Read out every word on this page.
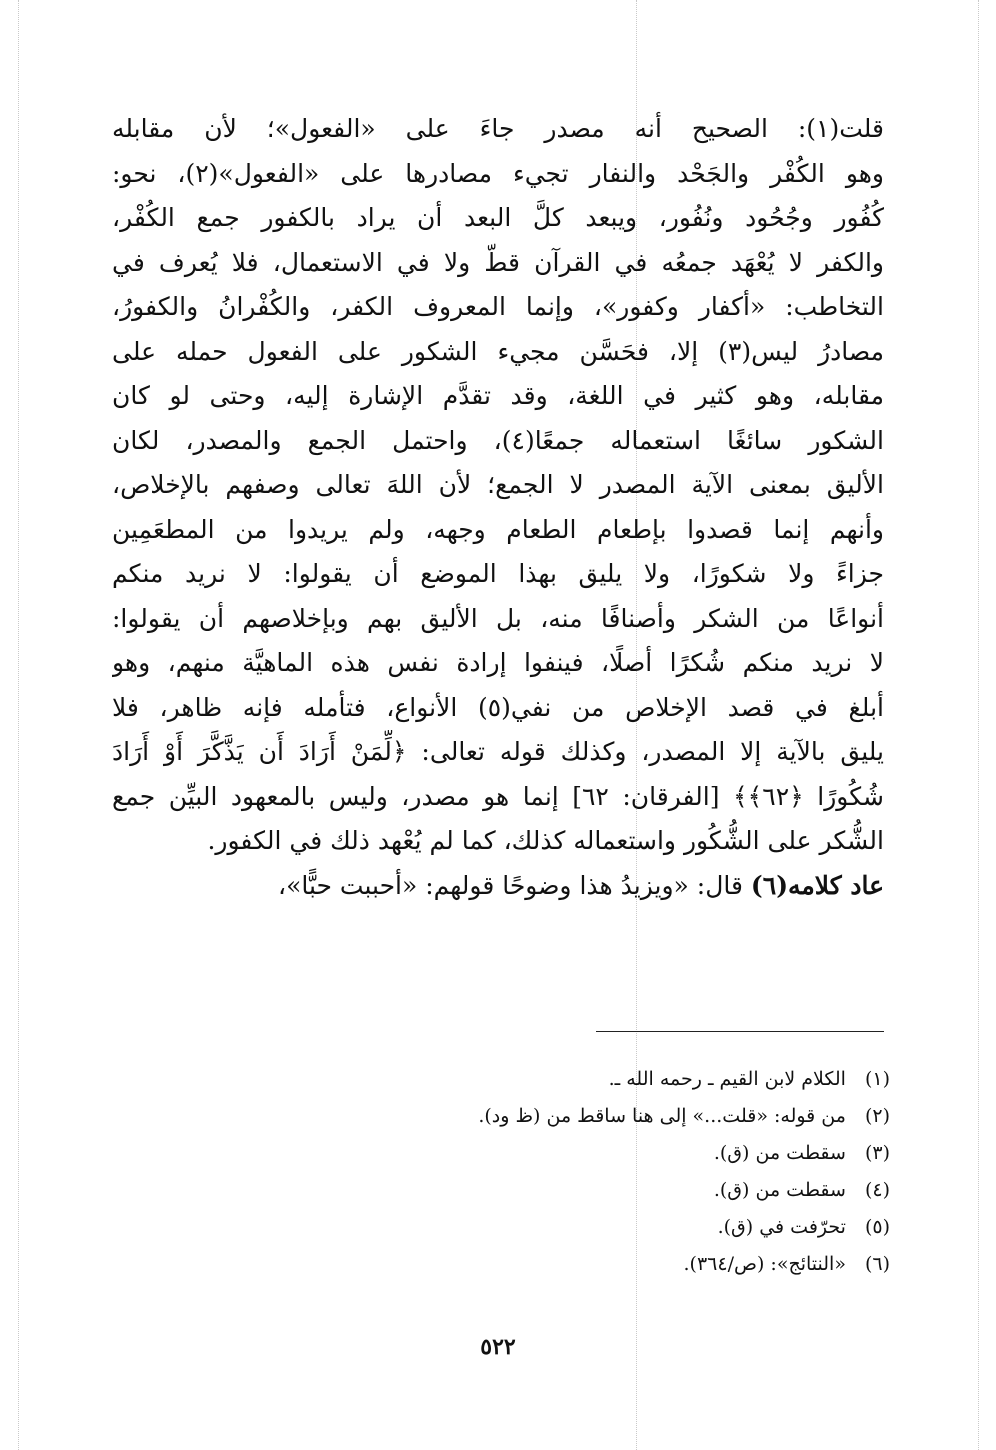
قلت(١): الصحيح أنه مصدر جاءَ على «الفعول»؛ لأن مقابله
وهو الكُفْر والجَحْد والنفار تجيء مصادرها على «الفعول»(٢)، نحو:
كُفُور وجُحُود ونُفُور، ويبعد كلَّ البعد أن يراد بالكفور جمع الكُفْر،
والكفر لا يُعْهَد جمعُه في القرآن قطّ ولا في الاستعمال، فلا يُعرف في
التخاطب: «أكفار وكفور»، وإنما المعروف الكفر، والكُفْرانُ والكفورُ،
مصادرُ ليس(٣) إلا، فحَسَّن مجيء الشكور على الفعول حمله على
مقابله، وهو كثير في اللغة، وقد تقدَّم الإشارة إليه، وحتى لو كان
الشكور سائغًا استعماله جمعًا(٤)، واحتمل الجمع والمصدر، لكان
الأليق بمعنى الآية المصدر لا الجمع؛ لأن اللهَ تعالى وصفهم بالإخلاص،
وأنهم إنما قصدوا بإطعام الطعام وجهه، ولم يريدوا من المطعَمِين
جزاءً ولا شكورًا، ولا يليق بهذا الموضع أن يقولوا: لا نريد منكم
أنواعًا من الشكر وأصنافًا منه، بل الأليق بهم وبإخلاصهم أن يقولوا:
لا نريد منكم شُكرًا أصلًا، فينفوا إرادة نفس هذه الماهيَّة منهم، وهو
أبلغ في قصد الإخلاص من نفي(٥) الأنواع، فتأمله فإنه ظاهر، فلا
يليق بالآية إلا المصدر، وكذلك قوله تعالى: ﴿لِّمَنْ أَرَادَ أَن يَذَّكَّرَ أَوْ أَرَادَ
شُكُورًا ﴿٦٢﴾﴾ [الفرقان: ٦٢] إنما هو مصدر، وليس بالمعهود البيِّن جمع
الشُّكر على الشُّكُور واستعماله كذلك، كما لم يُعْهد ذلك في الكفور.
عاد كلامه(٦) قال: «ويزيدُ هذا وضوحًا قولهم: «أحببت حبًّا»،
(١) الكلام لابن القيم ـ رحمه الله ـ.
(٢) من قوله: «قلت...» إلى هنا ساقط من (ظ ود).
(٣) سقطت من (ق).
(٤) سقطت من (ق).
(٥) تحرّفت في (ق).
(٦) «النتائج»: (ص/٣٦٤).
٥٢٢
